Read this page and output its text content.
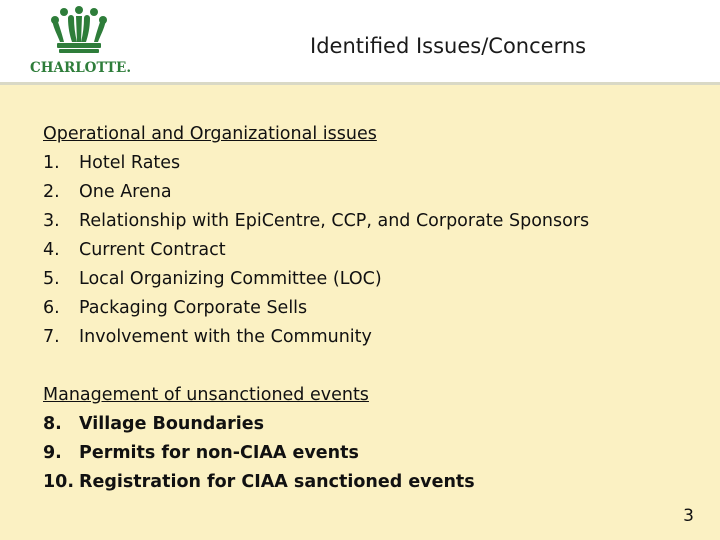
CHARLOTTE.
Identified Issues/Concerns
Operational and Organizational issues
1. Hotel Rates
2. One Arena
3. Relationship with EpiCentre, CCP, and Corporate Sponsors
4. Current Contract
5. Local Organizing Committee (LOC)
6. Packaging Corporate Sells
7. Involvement with the Community
Management of unsanctioned events
8. Village Boundaries
9. Permits for non-CIAA events
10. Registration for CIAA sanctioned events
3
